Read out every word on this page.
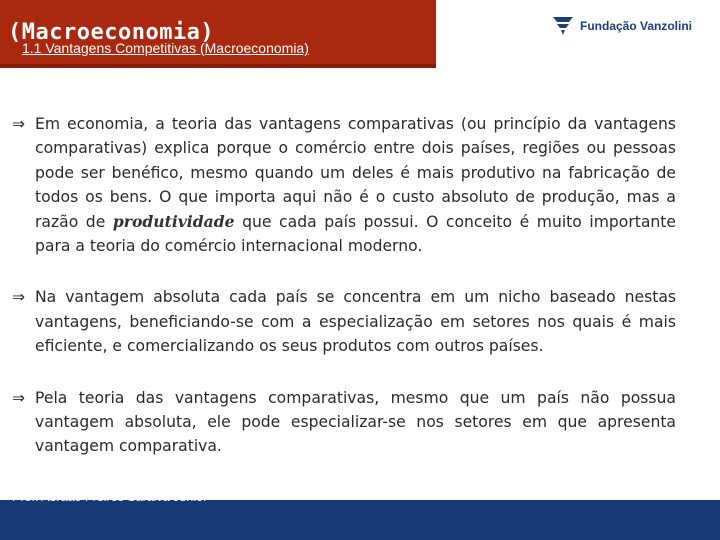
(Macroeconomia)
1.1 Vantagens Competitivas (Macroeconomia)
Fundação Vanzolini
⇒ Em economia, a teoria das vantagens comparativas (ou princípio da vantagens comparativas) explica porque o comércio entre dois países, regiões ou pessoas pode ser benéfico, mesmo quando um deles é mais produtivo na fabricação de todos os bens. O que importa aqui não é o custo absoluto de produção, mas a razão de produtividade que cada país possui. O conceito é muito importante para a teoria do comércio internacional moderno.
⇒ Na vantagem absoluta cada país se concentra em um nicho baseado nestas vantagens, beneficiando-se com a especialização em setores nos quais é mais eficiente, e comercializando os seus produtos com outros países.
⇒ Pela teoria das vantagens comparativas, mesmo que um país não possua vantagem absoluta, ele pode especializar-se nos setores em que apresenta vantagem comparativa.
Prof. Reinaldo Pacheco da Costa
Prof. Abraão Freires Saraiva Júnior	21/04/2014
